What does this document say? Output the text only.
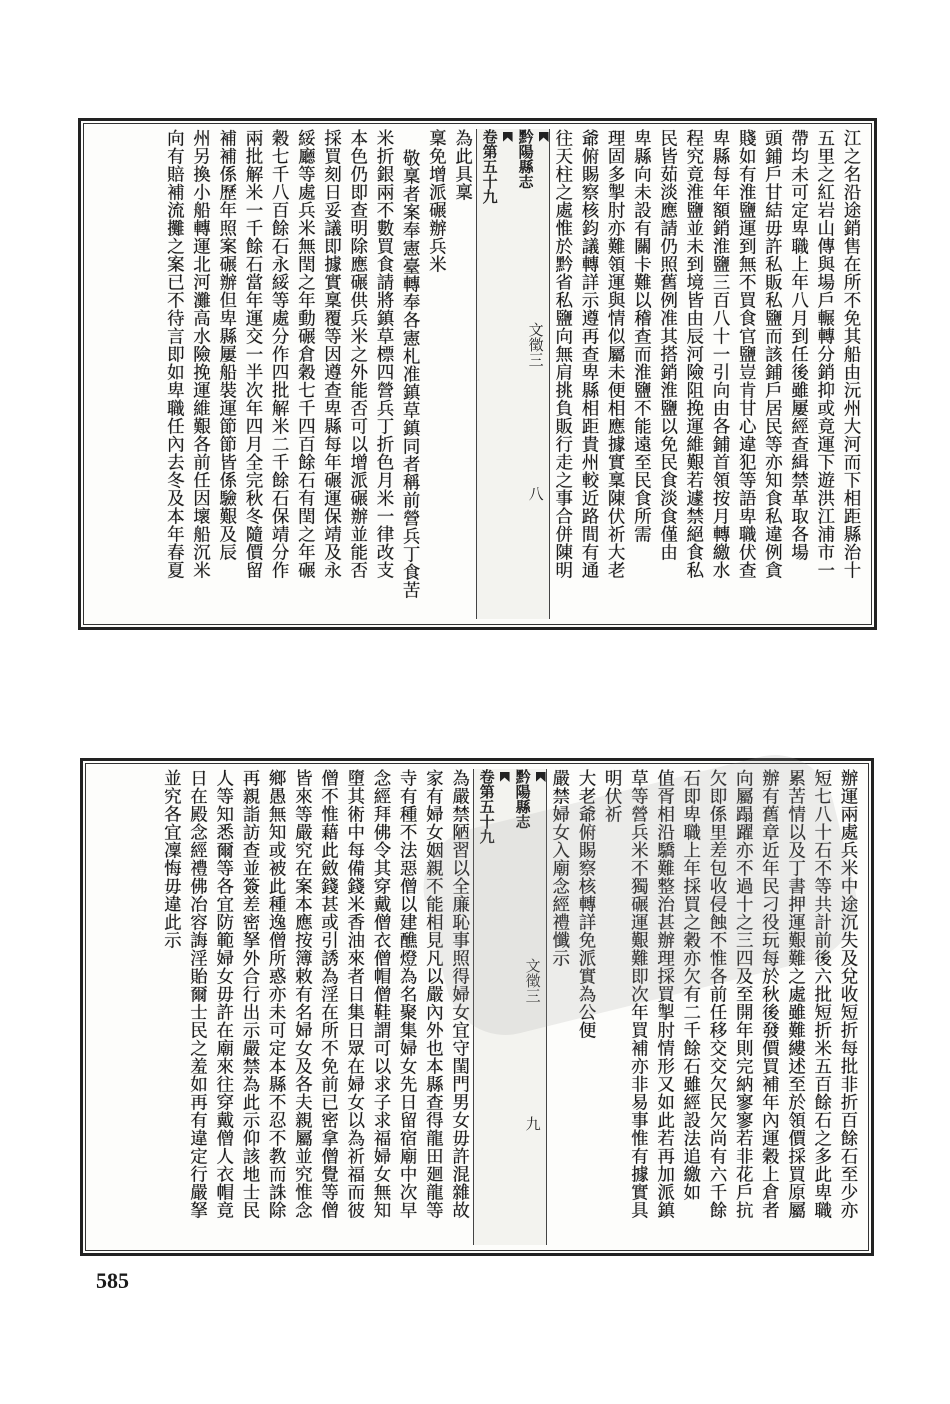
江之名沿途銷售在所不免其船由沅州大河而下相距縣治十
五里之紅岩山傳與場戶輾轉分銷抑或竟運下遊洪江浦市一
帶均未可定卑職上年八月到任後雖屢經查緝禁革取各場
頭鋪戶甘結毋許私販私鹽而該鋪戶居民等亦知食私違例貪
賤如有淮鹽運到無不買食官鹽豈肯甘心違犯等語卑職伏查
卑縣每年額銷淮鹽三百八十一引向由各鋪首領按月轉繳水
程究竟淮鹽並未到境皆由辰河險阻挽運維艱若遽禁絕食私
民皆茹淡應請仍照舊例准其搭銷淮鹽以免民食淡食僅由
卑縣向未設有關卡難以稽查而淮鹽不能遠至民食所需
理固多掣肘亦難領運與情似屬未便相應據實稟陳伏祈大老
爺俯賜察核鈞議轉詳示遵再查卑縣相距貴州較近路間有通
往天柱之處惟於黔省私鹽向無肩挑負販行走之事合併陳明
黔陽縣志
卷第五十九
文徵三
八
為此具稟
稟免增派碾辦兵米
敬稟者案奉憲臺轉奉各憲札准鎮草鎮同者稱前營兵丁食苦
米折銀兩不數買食請將鎮草標四營兵丁折色月米一律改支
本色仍即查明除應碾供兵米之外能否可以增派碾辦並能否
採買刻日妥議即據實稟覆等因遵查卑縣每年碾運保靖及永
綏廳等處兵米無閏之年動碾倉穀七千四百餘石有閏之年碾
穀七千八百餘石永綏等處分作四批解米二千餘石保靖分作
兩批解米一千餘石當年運交一半次年四月全完秋冬隨價留
補補係歷年照案碾辦但卑縣屢船裝運節節皆係驗艱及辰
州另換小船轉運北河灘高水險挽運維艱各前任因壞船沉米
向有賠補流攤之案已不待言即如卑職任內去冬及本年春夏
辦運兩處兵米中途沉失及兌收短折每批非折百餘石至少亦
短七八十石不等共計前後六批短折米五百餘石之多此卑職
累苦情以及丁書押運艱難之處雖難縷述至於領價採買原屬
辦有舊章近年民刁役玩每於秋後發價買補年內運穀上倉者
向屬蹋躍亦不過十之三四及至開年則完納寥寥若非花戶抗
欠即係里差包收侵蝕不惟各前任移交交欠民欠尚有六千餘
石即卑職上年採買之穀亦欠有二千餘石雖經設法追繳如
值胥相沿驕難整治甚辦理採買掣肘情形又如此若再加派鎮
草等營兵米不獨碾運艱難即次年買補亦非易事惟有據實具
明伏祈
大老爺俯賜察核轉詳免派實為公便
嚴禁婦女入廟念經禮懺示
黔陽縣志
卷第五十九
文徵三
九
為嚴禁陋習以全廉恥事照得婦女宜守閨門男女毋許混雜故
家有婦女姻親不能相見凡以嚴內外也本縣查得龍田廻龍等
寺有種不法惡僧以建醮燈為名聚集婦女先日留宿廟中次早
念經拜佛令其穿戴僧衣僧帽僧鞋謂可以求子求福婦女無知
墮其術中每備錢米香油來者日集日眾在婦女以為祈福而彼
僧不惟藉此斂錢甚或引誘為淫在所不免前已密拿僧覺等僧
皆來等嚴究在案本應按簿敕有名婦女及各夫親屬並究惟念
鄉愚無知或被此種逸僧所惑亦未可定本縣不忍不教而誅除
再親詣訪查並簽差密拏外合行出示嚴禁為此示仰該地士民
人等知悉爾等各宜防範婦女毋許在廟來往穿戴僧人衣帽竟
日在殿念經禮佛冶容誨淫貽爾士民之羞如再有違定行嚴拏
並究各宜凜悔毋違此示
585
